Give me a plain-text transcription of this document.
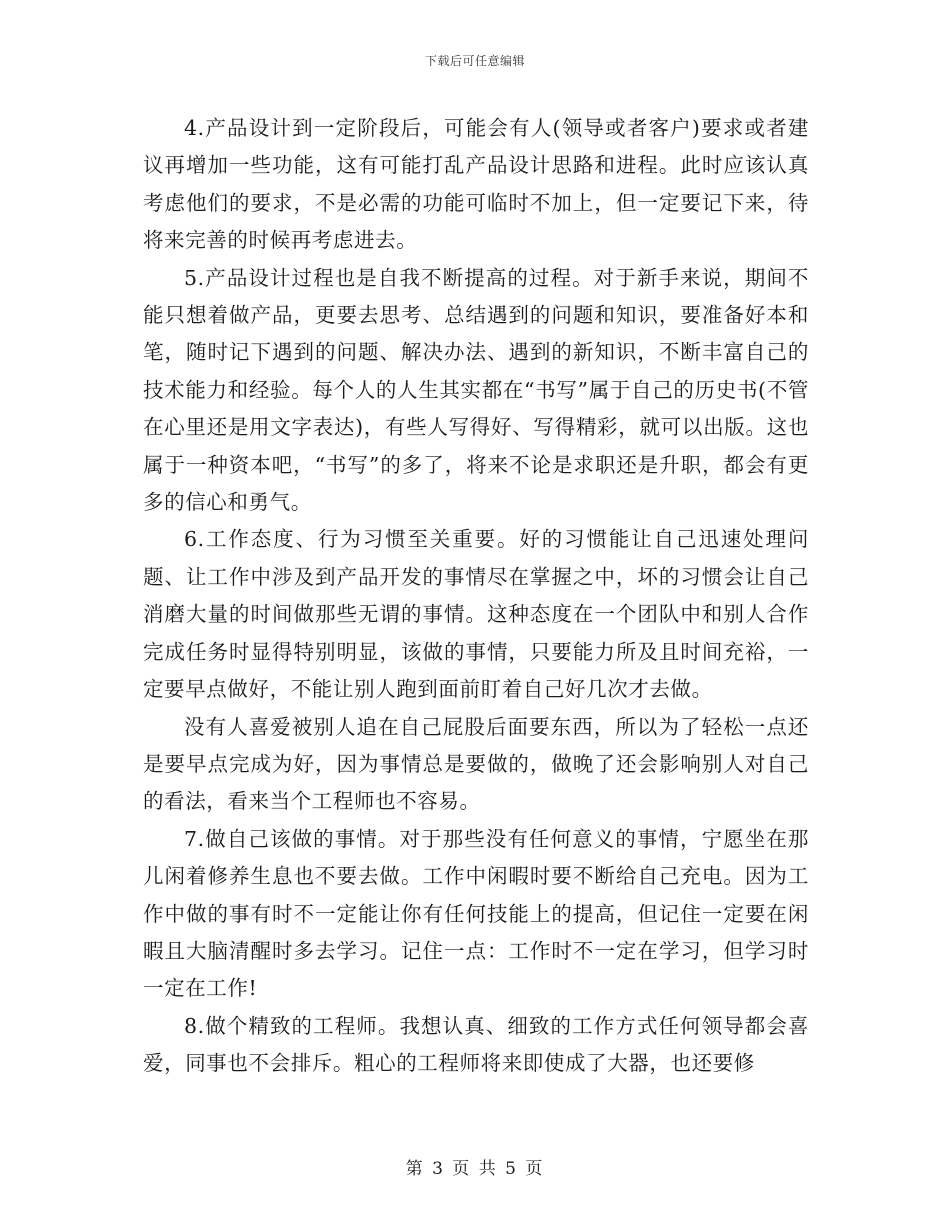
下载后可任意编辑

4.产品设计到一定阶段后，可能会有人(领导或者客户)要求或者建议再增加一些功能，这有可能打乱产品设计思路和进程。此时应该认真考虑他们的要求，不是必需的功能可临时不加上，但一定要记下来，待将来完善的时候再考虑进去。

5.产品设计过程也是自我不断提高的过程。对于新手来说，期间不能只想着做产品，更要去思考、总结遇到的问题和知识，要准备好本和笔，随时记下遇到的问题、解决办法、遇到的新知识，不断丰富自己的技术能力和经验。每个人的人生其实都在“书写”属于自己的历史书(不管在心里还是用文字表达)，有些人写得好、写得精彩，就可以出版。这也属于一种资本吧，“书写”的多了，将来不论是求职还是升职，都会有更多的信心和勇气。

6.工作态度、行为习惯至关重要。好的习惯能让自己迅速处理问题、让工作中涉及到产品开发的事情尽在掌握之中，坏的习惯会让自己消磨大量的时间做那些无谓的事情。这种态度在一个团队中和别人合作完成任务时显得特别明显，该做的事情，只要能力所及且时间充裕，一定要早点做好，不能让别人跑到面前盯着自己好几次才去做。

没有人喜爱被别人追在自己屁股后面要东西，所以为了轻松一点还是要早点完成为好，因为事情总是要做的，做晚了还会影响别人对自己的看法，看来当个工程师也不容易。

7.做自己该做的事情。对于那些没有任何意义的事情，宁愿坐在那儿闲着修养生息也不要去做。工作中闲暇时要不断给自己充电。因为工作中做的事有时不一定能让你有任何技能上的提高，但记住一定要在闲暇且大脑清醒时多去学习。记住一点：工作时不一定在学习，但学习时一定在工作!

8.做个精致的工程师。我想认真、细致的工作方式任何领导都会喜爱，同事也不会排斥。粗心的工程师将来即使成了大器，也还要修

第 3 页 共 5 页
